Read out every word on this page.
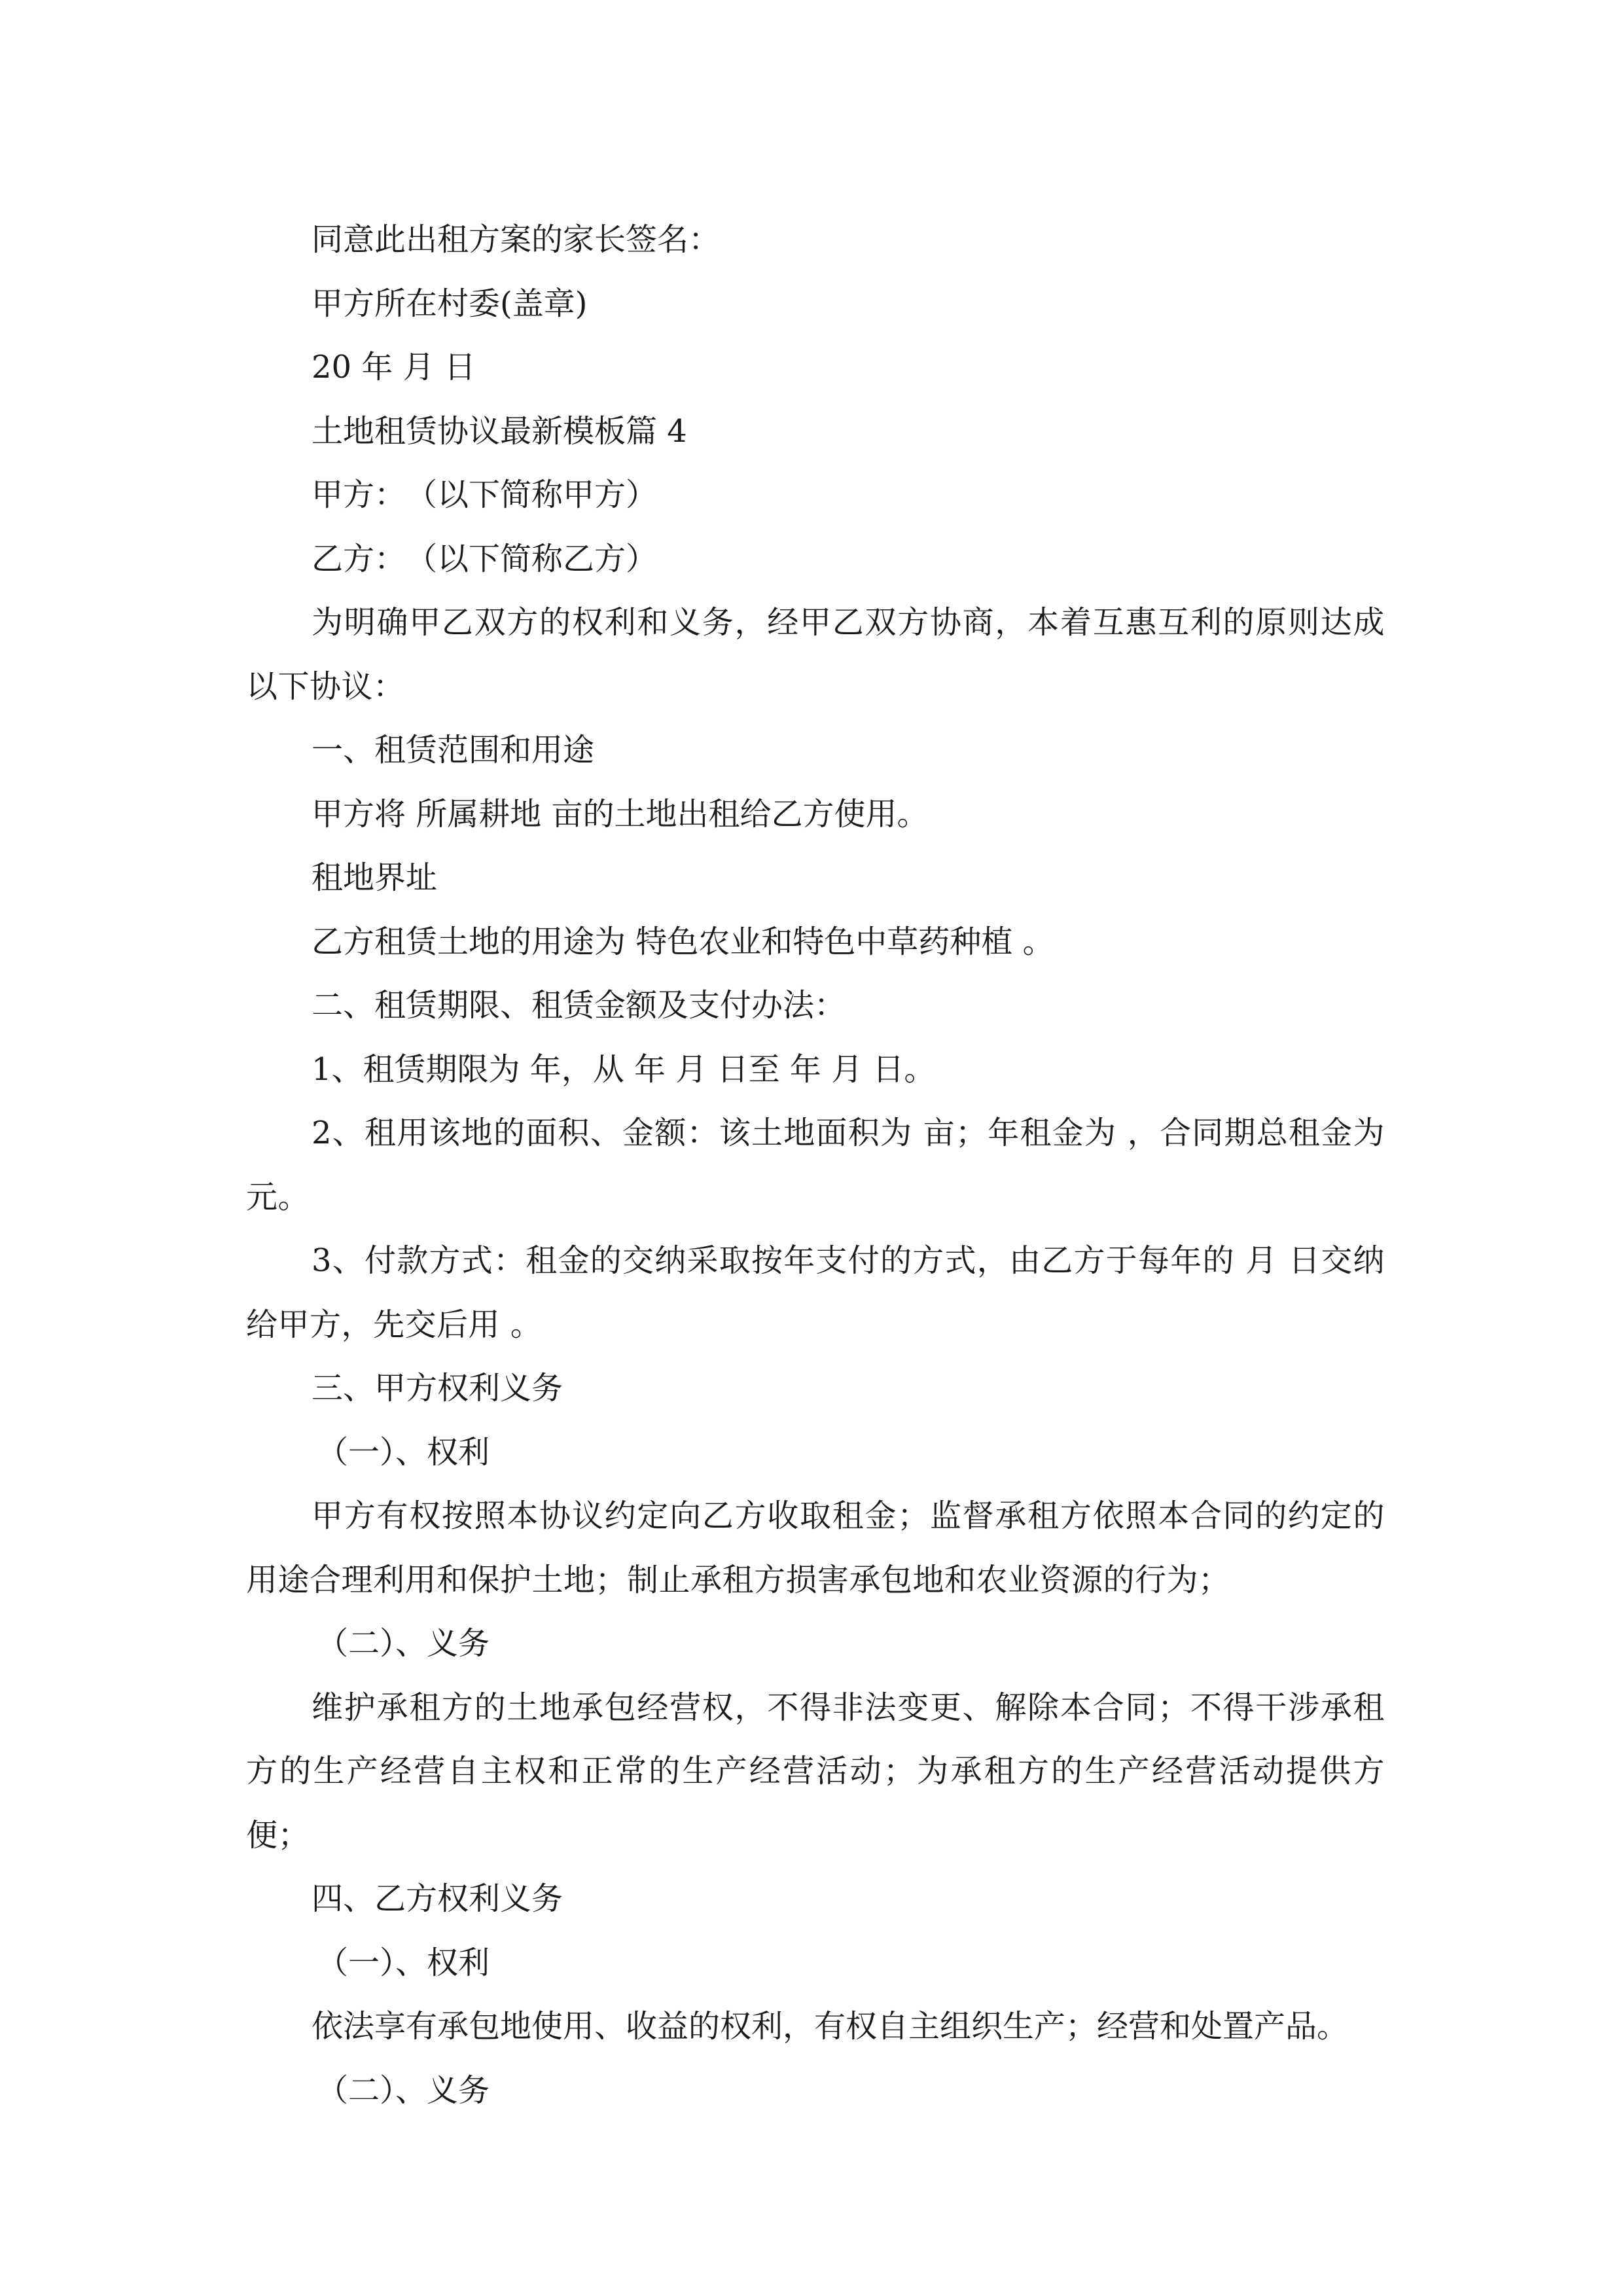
同意此出租方案的家长签名：

甲方所在村委(盖章)

20 年 月 日

土地租赁协议最新模板篇 4

甲方：　（以下简称甲方）

乙方：　（以下简称乙方）

为明确甲乙双方的权利和义务，经甲乙双方协商，本着互惠互利的原则达成以下协议：

一、租赁范围和用途

甲方将 所属耕地 亩的土地出租给乙方使用。

租地界址

乙方租赁土地的用途为 特色农业和特色中草药种植 。

二、租赁期限、租赁金额及支付办法：

1、租赁期限为 年，从 年 月 日至 年 月 日。

2、租用该地的面积、金额：该土地面积为 亩；年租金为 ，合同期总租金为 元。

3、付款方式：租金的交纳采取按年支付的方式，由乙方于每年的 月 日交纳给甲方，先交后用 。

三、甲方权利义务

（一）、权利

甲方有权按照本协议约定向乙方收取租金；监督承租方依照本合同的约定的用途合理利用和保护土地；制止承租方损害承包地和农业资源的行为；

（二）、义务

维护承租方的土地承包经营权，不得非法变更、解除本合同；不得干涉承租方的生产经营自主权和正常的生产经营活动；为承租方的生产经营活动提供方便；

四、乙方权利义务

（一）、权利

依法享有承包地使用、收益的权利，有权自主组织生产；经营和处置产品。

（二）、义务
